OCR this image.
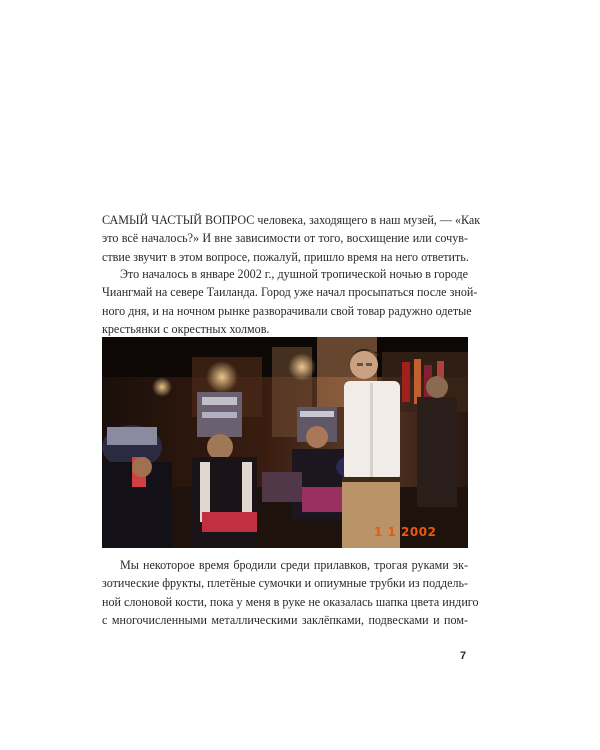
САМЫЙ ЧАСТЫЙ ВОПРОС человека, заходящего в наш музей, — «Как
это всё началось?» И вне зависимости от того, восхищение или сочув-
ствие звучит в этом вопросе, пожалуй, пришло время на него ответить.
Это началось в январе 2002 г., душной тропической ночью в городе
Чиангмай на севере Таиланда. Город уже начал просыпаться после зной-
ного дня, и на ночном рынке разворачивали свой товар радужно одетые
крестьянки с окрестных холмов.
1 1 2002
Мы некоторое время бродили среди прилавков, трогая руками эк-
зотические фрукты, плетёные сумочки и опиумные трубки из поддель-
ной слоновой кости, пока у меня в руке не оказалась шапка цвета индиго
с многочисленными металлическими заклёпками, подвесками и пом-
7
